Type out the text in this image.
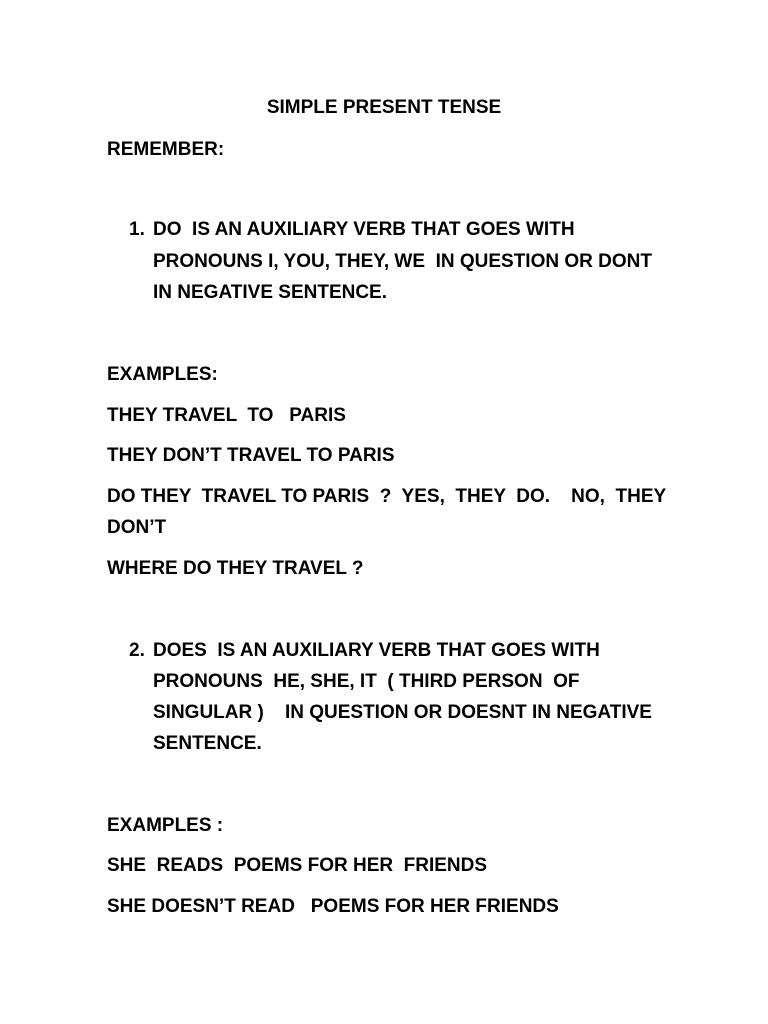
SIMPLE PRESENT TENSE
REMEMBER:
1. DO  IS AN AUXILIARY VERB THAT GOES WITH
PRONOUNS I, YOU, THEY, WE  IN QUESTION OR DONT
IN NEGATIVE SENTENCE.
EXAMPLES:
THEY TRAVEL  TO   PARIS
THEY DON’T TRAVEL TO PARIS
DO THEY  TRAVEL TO PARIS  ?  YES,  THEY  DO.    NO,  THEY
DON’T
WHERE DO THEY TRAVEL ?
2. DOES  IS AN AUXILIARY VERB THAT GOES WITH
PRONOUNS  HE, SHE, IT  ( THIRD PERSON  OF
SINGULAR )    IN QUESTION OR DOESNT IN NEGATIVE
SENTENCE.
EXAMPLES :
SHE  READS  POEMS FOR HER  FRIENDS
SHE DOESN’T READ   POEMS FOR HER FRIENDS
